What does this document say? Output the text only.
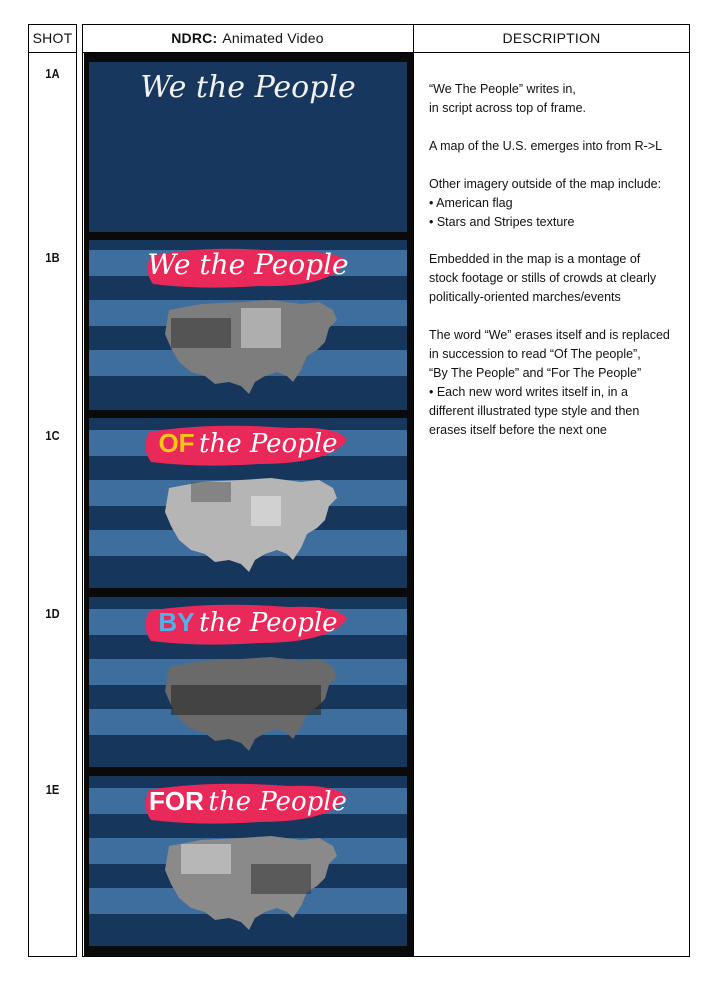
SHOT	NDRC: Animated Video	DESCRIPTION
1A
1B
1C
1D
1E
We the People
We the People
OF the People
BY the People
FOR the People
“We The People” writes in,
in script across top of frame.
A map of the U.S. emerges into from R->L
Other imagery outside of the map include:
• American flag
• Stars and Stripes texture
Embedded in the map is a montage of
stock footage or stills of crowds at clearly
politically-oriented marches/events
The word “We” erases itself and is replaced
in succession to read “Of The people”,
“By The People” and “For The People”
• Each new word writes itself in, in a
different illustrated type style and then
erases itself before the next one
